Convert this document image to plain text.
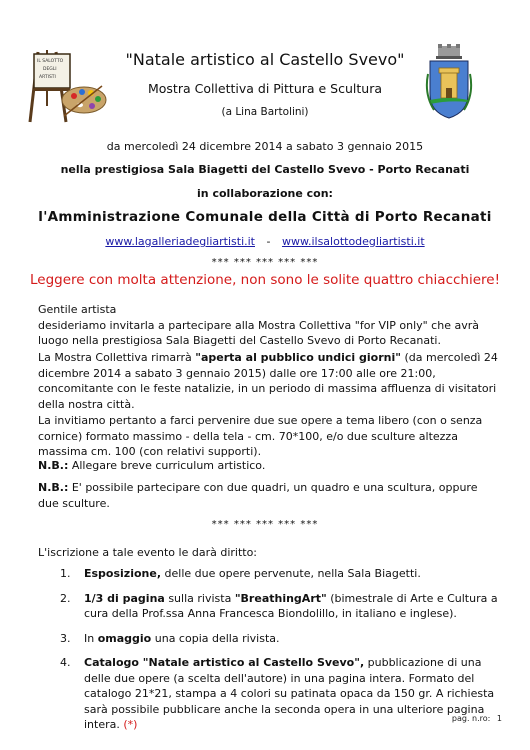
IL SALOTTO
DEGLI
ARTISTI
"Natale artistico al Castello Svevo"
Mostra Collettiva di Pittura e Scultura
(a Lina Bartolini)
da mercoledì 24 dicembre 2014 a sabato 3 gennaio 2015
nella prestigiosa Sala Biagetti del Castello Svevo - Porto Recanati
in collaborazione con:
l'Amministrazione Comunale della Città di Porto Recanati
www.lagalleriadegliartisti.it - www.ilsalottodegliartisti.it
*** *** *** *** ***
Leggere con molta attenzione, non sono le solite quattro chiacchiere!
Gentile artista
desideriamo invitarla a partecipare alla Mostra Collettiva "for VIP only" che avrà luogo nella prestigiosa Sala Biagetti del Castello Svevo di Porto Recanati.
La Mostra Collettiva rimarrà "aperta al pubblico undici giorni" (da mercoledì 24 dicembre 2014 a sabato 3 gennaio 2015) dalle ore 17:00 alle ore 21:00, concomitante con le feste natalizie, in un periodo di massima affluenza di visitatori della nostra città.
La invitiamo pertanto a farci pervenire due sue opere a tema libero (con o senza cornice) formato massimo - della tela - cm. 70*100, e/o due sculture altezza massima cm. 100 (con relativi supporti).
N.B.: Allegare breve curriculum artistico.
N.B.: E' possibile partecipare con due quadri, un quadro e una scultura, oppure due sculture.
*** *** *** *** ***
L'iscrizione a tale evento le darà diritto:
1. Esposizione, delle due opere pervenute, nella Sala Biagetti.
2. 1/3 di pagina sulla rivista "BreathingArt" (bimestrale di Arte e Cultura a cura della Prof.ssa Anna Francesca Biondolillo, in italiano e inglese).
3. In omaggio una copia della rivista.
4. Catalogo "Natale artistico al Castello Svevo", pubblicazione di una delle due opere (a scelta dell'autore) in una pagina intera. Formato del catalogo 21*21, stampa a 4 colori su patinata opaca da 150 gr. A richiesta sarà possibile pubblicare anche la seconda opera in una ulteriore pagina intera. (*)	pag. n.ro: 1
